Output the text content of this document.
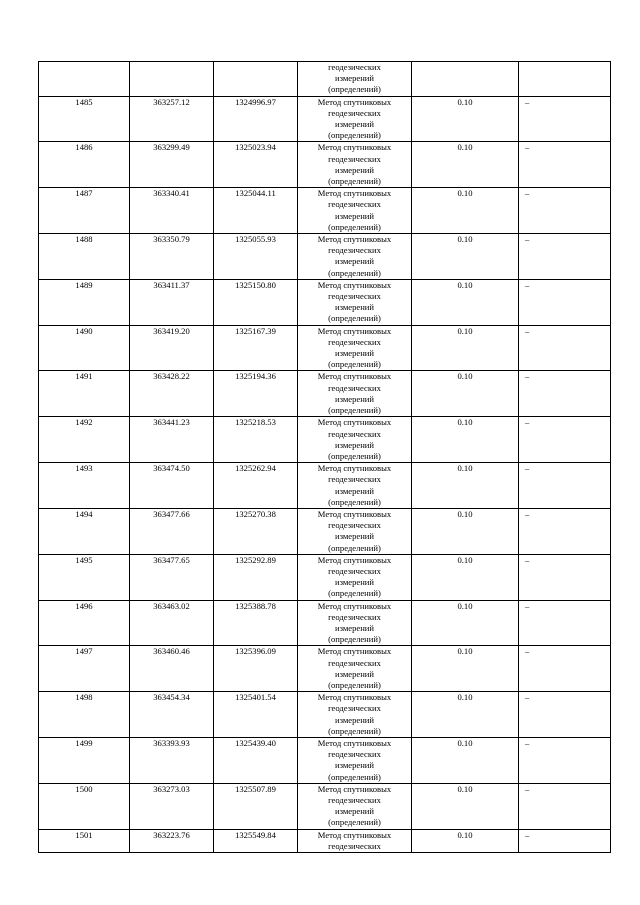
			геодезических
измерений
(определений)		
1485	363257.12	1324996.97	Метод спутниковых
геодезических
измерений
(определений)	0.10	–
1486	363299.49	1325023.94	Метод спутниковых
геодезических
измерений
(определений)	0.10	–
1487	363340.41	1325044.11	Метод спутниковых
геодезических
измерений
(определений)	0.10	–
1488	363350.79	1325055.93	Метод спутниковых
геодезических
измерений
(определений)	0.10	–
1489	363411.37	1325150.80	Метод спутниковых
геодезических
измерений
(определений)	0.10	–
1490	363419.20	1325167.39	Метод спутниковых
геодезических
измерений
(определений)	0.10	–
1491	363428.22	1325194.36	Метод спутниковых
геодезических
измерений
(определений)	0.10	–
1492	363441.23	1325218.53	Метод спутниковых
геодезических
измерений
(определений)	0.10	–
1493	363474.50	1325262.94	Метод спутниковых
геодезических
измерений
(определений)	0.10	–
1494	363477.66	1325270.38	Метод спутниковых
геодезических
измерений
(определений)	0.10	–
1495	363477.65	1325292.89	Метод спутниковых
геодезических
измерений
(определений)	0.10	–
1496	363463.02	1325388.78	Метод спутниковых
геодезических
измерений
(определений)	0.10	–
1497	363460.46	1325396.09	Метод спутниковых
геодезических
измерений
(определений)	0.10	–
1498	363454.34	1325401.54	Метод спутниковых
геодезических
измерений
(определений)	0.10	–
1499	363393.93	1325439.40	Метод спутниковых
геодезических
измерений
(определений)	0.10	–
1500	363273.03	1325507.89	Метод спутниковых
геодезических
измерений
(определений)	0.10	–
1501	363223.76	1325549.84	Метод спутниковых
геодезических	0.10	–
